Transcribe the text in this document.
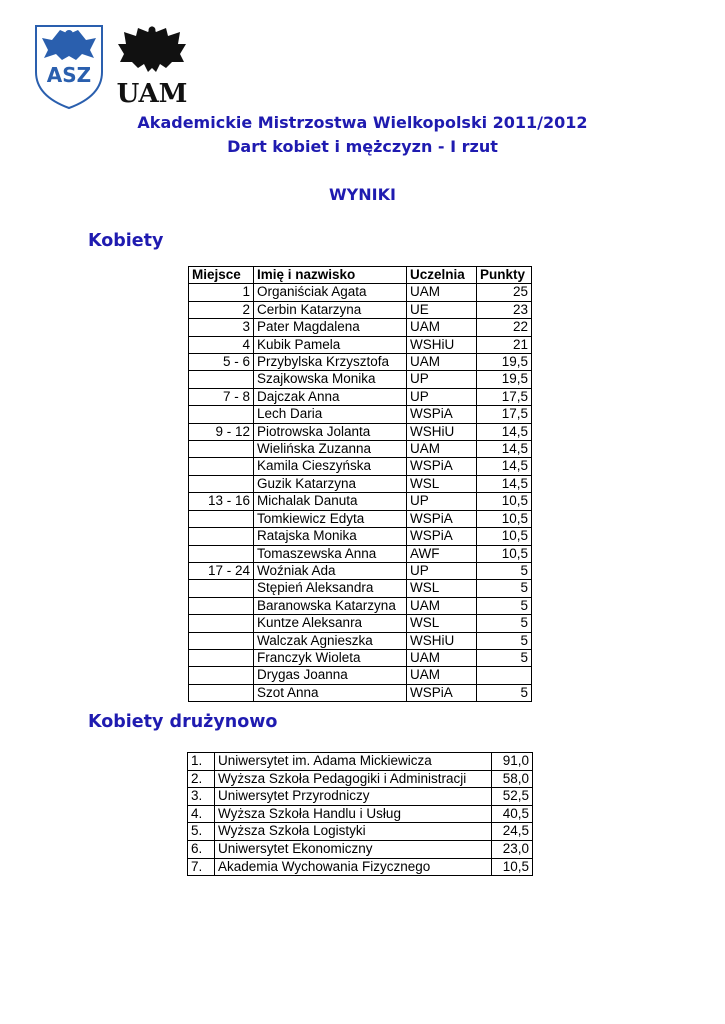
ASZ
UAM
Akademickie Mistrzostwa Wielkopolski 2011/2012
Dart kobiet i mężczyzn - I rzut
WYNIKI
Kobiety
Miejsce	Imię i nazwisko	Uczelnia	Punkty
1	Organiściak Agata	UAM	25
2	Cerbin Katarzyna	UE	23
3	Pater Magdalena	UAM	22
4	Kubik Pamela	WSHiU	21
5 - 6	Przybylska Krzysztofa	UAM	19,5
	Szajkowska Monika	UP	19,5
7 - 8	Dajczak Anna	UP	17,5
	Lech Daria	WSPiA	17,5
9 - 12	Piotrowska Jolanta	WSHiU	14,5
	Wielińska Zuzanna	UAM	14,5
	Kamila Cieszyńska	WSPiA	14,5
	Guzik Katarzyna	WSL	14,5
13 - 16	Michalak Danuta	UP	10,5
	Tomkiewicz Edyta	WSPiA	10,5
	Ratajska Monika	WSPiA	10,5
	Tomaszewska Anna	AWF	10,5
17 - 24	Woźniak Ada	UP	5
	Stępień Aleksandra	WSL	5
	Baranowska Katarzyna	UAM	5
	Kuntze Aleksanra	WSL	5
	Walczak Agnieszka	WSHiU	5
	Franczyk Wioleta	UAM	5
	Drygas Joanna	UAM	
	Szot Anna	WSPiA	5
Kobiety drużynowo
1.	Uniwersytet im. Adama Mickiewicza	91,0
2.	Wyższa Szkoła Pedagogiki i Administracji	58,0
3.	Uniwersytet Przyrodniczy	52,5
4.	Wyższa Szkoła Handlu i Usług	40,5
5.	Wyższa Szkoła Logistyki	24,5
6.	Uniwersytet Ekonomiczny	23,0
7.	Akademia Wychowania Fizycznego	10,5
